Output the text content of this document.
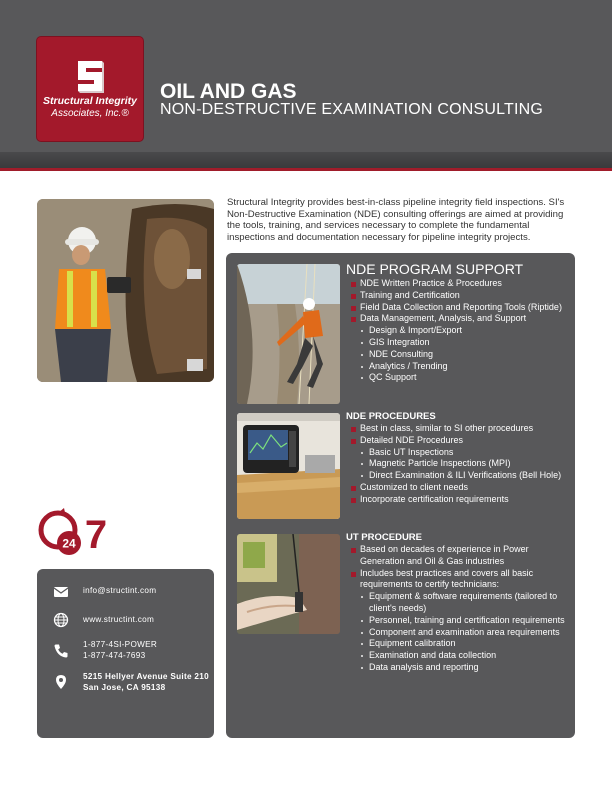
Structural Integrity
Associates, Inc.®
OIL AND GAS
NON-DESTRUCTIVE EXAMINATION CONSULTING
Structural Integrity provides best-in-class pipeline integrity field inspections. SI's Non-Destructive Examination (NDE) consulting offerings are aimed at providing the tools, training, and services necessary to complete the fundamental inspections and documentation necessary for pipeline integrity projects.
24 7
info@structint.com
www.structint.com
1-877-4SI-POWER
1-877-474-7693
5215 Hellyer Avenue Suite 210
San Jose, CA 95138
NDE PROGRAM SUPPORT
NDE Written Practice & Procedures
Training and Certification
Field Data Collection and Reporting Tools (Riptide)
Data Management, Analysis, and Support
Design & Import/Export
GIS Integration
NDE Consulting
Analytics / Trending
QC Support
NDE PROCEDURES
Best in class, similar to SI other procedures
Detailed NDE Procedures
Basic UT Inspections
Magnetic Particle Inspections (MPI)
Direct Examination & ILI Verifications (Bell Hole)
Customized to client needs
Incorporate certification requirements
UT PROCEDURE
Based on decades of experience in Power Generation and Oil & Gas industries
Includes best practices and covers all basic requirements to certify technicians:
Equipment & software requirements (tailored to client's needs)
Personnel, training and certification requirements
Component and examination area requirements
Equipment calibration
Examination and data collection
Data analysis and reporting
